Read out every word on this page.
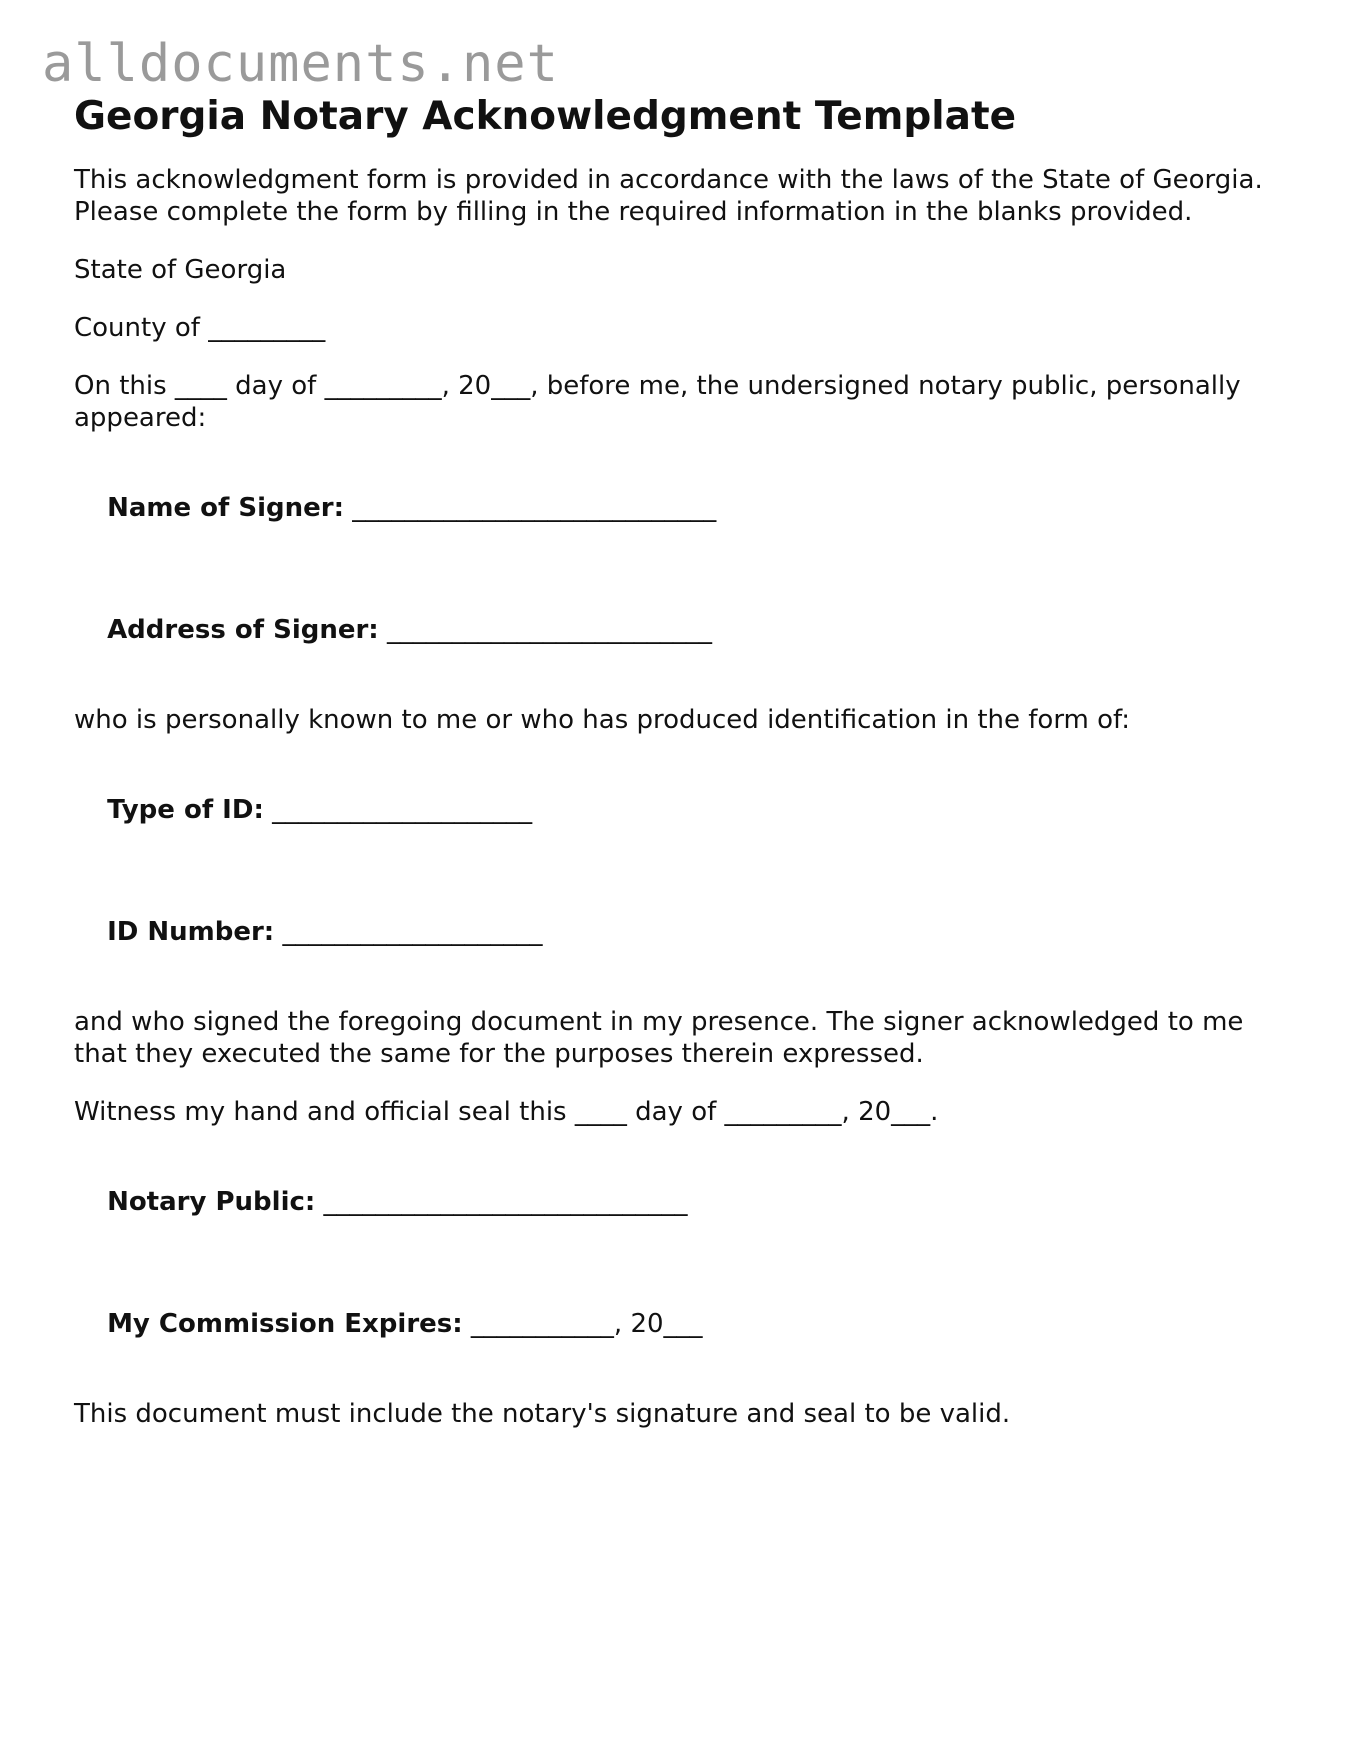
alldocuments.net
Georgia Notary Acknowledgment Template

This acknowledgment form is provided in accordance with the laws of the State of Georgia. Please complete the form by filling in the required information in the blanks provided.

State of Georgia

County of _________

On this ____ day of _________, 20___, before me, the undersigned notary public, personally appeared:

Name of Signer: ____________________________

Address of Signer: _________________________

who is personally known to me or who has produced identification in the form of:

Type of ID: ____________________

ID Number: ____________________

and who signed the foregoing document in my presence. The signer acknowledged to me that they executed the same for the purposes therein expressed.

Witness my hand and official seal this ____ day of _________, 20___.

Notary Public: ____________________________

My Commission Expires: ___________, 20___

This document must include the notary's signature and seal to be valid.
